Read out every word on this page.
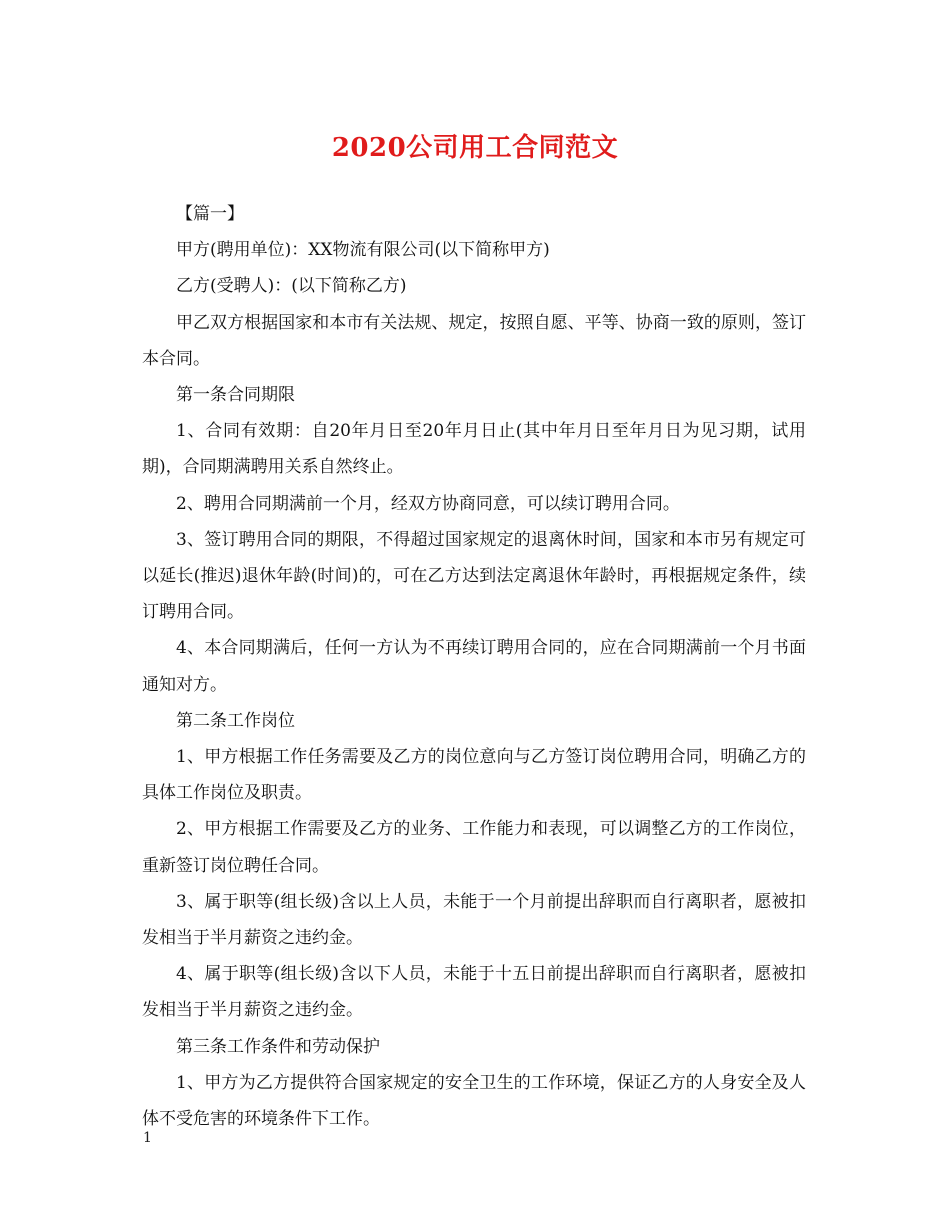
2020公司用工合同范文

【篇一】

甲方(聘用单位)：XX物流有限公司(以下简称甲方)

乙方(受聘人)：(以下简称乙方)

甲乙双方根据国家和本市有关法规、规定，按照自愿、平等、协商一致的原则，签订本合同。

第一条合同期限

1、合同有效期：自20年月日至20年月日止(其中年月日至年月日为见习期，试用期)，合同期满聘用关系自然终止。

2、聘用合同期满前一个月，经双方协商同意，可以续订聘用合同。

3、签订聘用合同的期限，不得超过国家规定的退离休时间，国家和本市另有规定可以延长(推迟)退休年龄(时间)的，可在乙方达到法定离退休年龄时，再根据规定条件，续订聘用合同。

4、本合同期满后，任何一方认为不再续订聘用合同的，应在合同期满前一个月书面通知对方。

第二条工作岗位

1、甲方根据工作任务需要及乙方的岗位意向与乙方签订岗位聘用合同，明确乙方的具体工作岗位及职责。

2、甲方根据工作需要及乙方的业务、工作能力和表现，可以调整乙方的工作岗位，重新签订岗位聘任合同。

3、属于职等(组长级)含以上人员，未能于一个月前提出辞职而自行离职者，愿被扣发相当于半月薪资之违约金。

4、属于职等(组长级)含以下人员，未能于十五日前提出辞职而自行离职者，愿被扣发相当于半月薪资之违约金。

第三条工作条件和劳动保护

1、甲方为乙方提供符合国家规定的安全卫生的工作环境，保证乙方的人身安全及人体不受危害的环境条件下工作。

1
